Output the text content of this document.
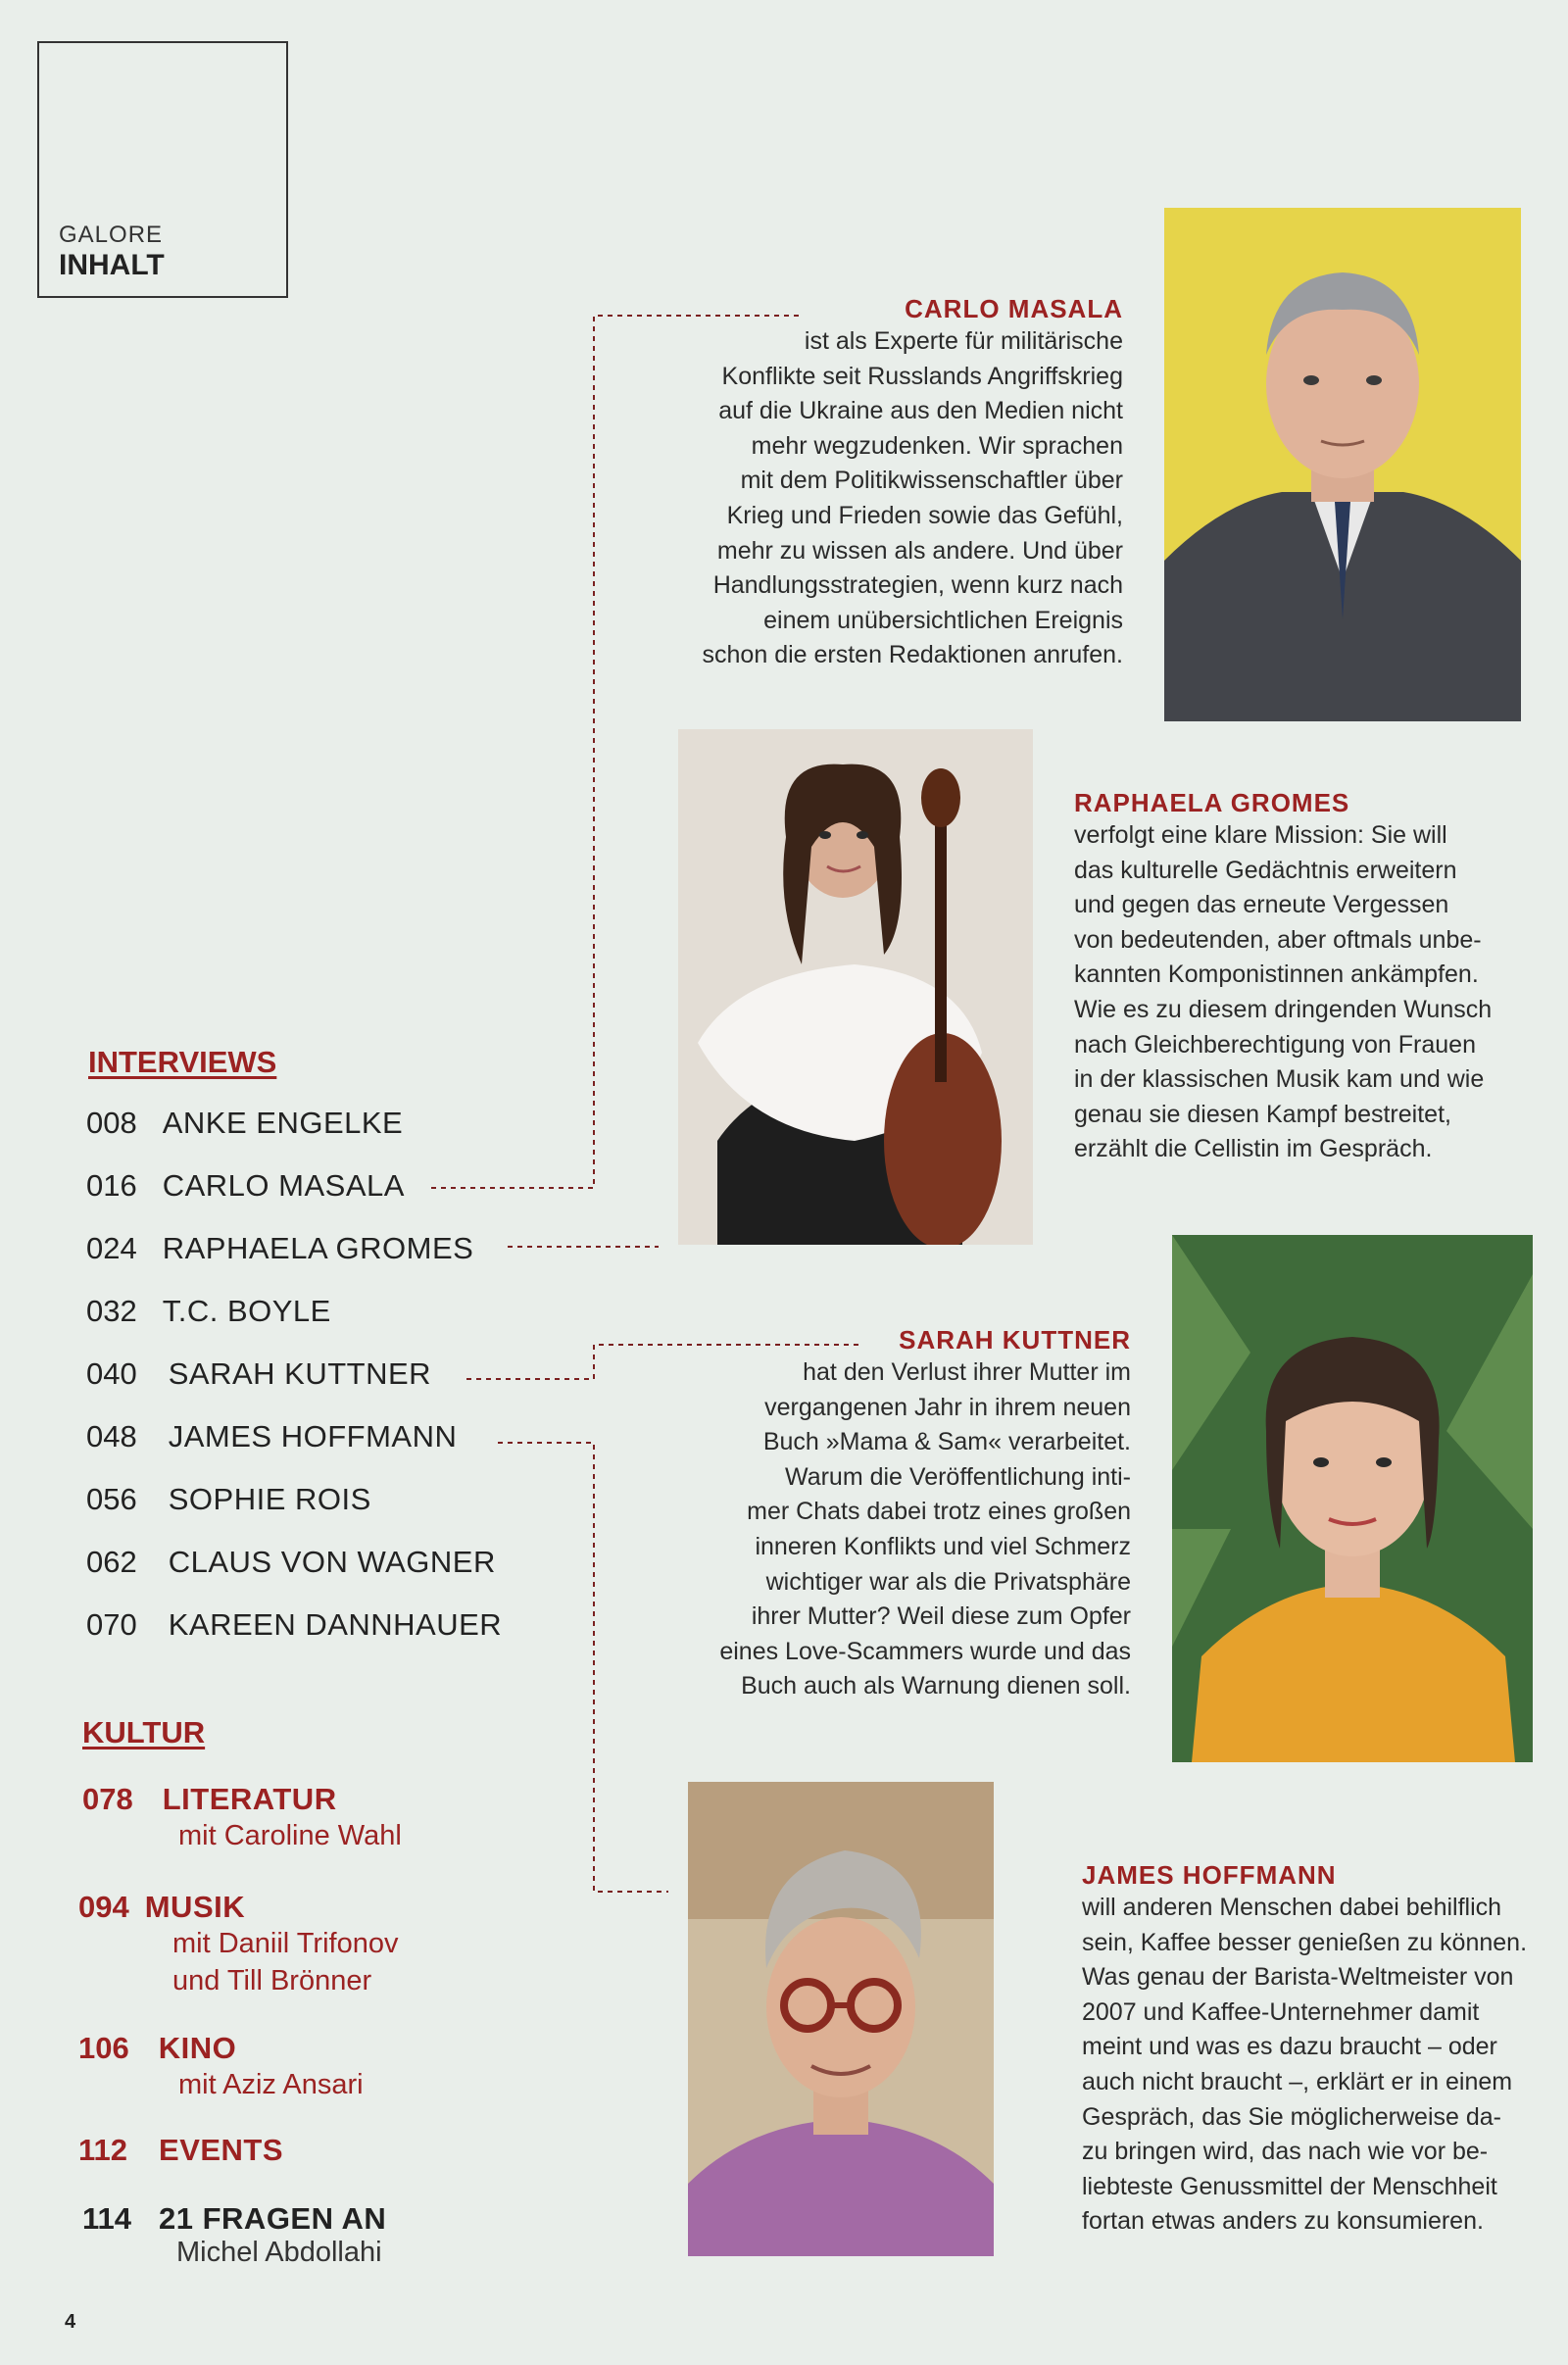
GALORE
INHALT
CARLO MASALA
ist als Experte für militärische
Konflikte seit Russlands Angriffskrieg
auf die Ukraine aus den Medien nicht
mehr wegzudenken. Wir sprachen
mit dem Politikwissenschaftler über
Krieg und Frieden sowie das Gefühl,
mehr zu wissen als andere. Und über
Handlungsstrategien, wenn kurz nach
einem unübersichtlichen Ereignis
schon die ersten Redaktionen anrufen.
RAPHAELA GROMES
verfolgt eine klare Mission: Sie will
das kulturelle Gedächtnis erweitern
und gegen das erneute Vergessen
von bedeutenden, aber oftmals unbe-
kannten Komponistinnen ankämpfen.
Wie es zu diesem dringenden Wunsch
nach Gleichberechtigung von Frauen
in der klassischen Musik kam und wie
genau sie diesen Kampf bestreitet,
erzählt die Cellistin im Gespräch.
SARAH KUTTNER
hat den Verlust ihrer Mutter im
vergangenen Jahr in ihrem neuen
Buch »Mama & Sam« verarbeitet.
Warum die Veröffentlichung inti-
mer Chats dabei trotz eines großen
inneren Konflikts und viel Schmerz
wichtiger war als die Privatsphäre
ihrer Mutter? Weil diese zum Opfer
eines Love-Scammers wurde und das
Buch auch als Warnung dienen soll.
JAMES HOFFMANN
will anderen Menschen dabei behilflich
sein, Kaffee besser genießen zu können.
Was genau der Barista-Weltmeister von
2007 und Kaffee-Unternehmer damit
meint und was es dazu braucht – oder
auch nicht braucht –, erklärt er in einem
Gespräch, das Sie möglicherweise da-
zu bringen wird, das nach wie vor be-
liebteste Genussmittel der Menschheit
fortan etwas anders zu konsumieren.
INTERVIEWS
008 ANKE ENGELKE
016 CARLO MASALA
024 RAPHAELA GROMES
032 T.C. BOYLE
040 SARAH KUTTNER
048 JAMES HOFFMANN
056 SOPHIE ROIS
062 CLAUS VON WAGNER
070 KAREEN DANNHAUER
KULTUR
078 LITERATUR
mit Caroline Wahl
094 MUSIK
mit Daniil Trifonov
und Till Brönner
106 KINO
mit Aziz Ansari
112 EVENTS
114 21 FRAGEN AN
Michel Abdollahi
4
